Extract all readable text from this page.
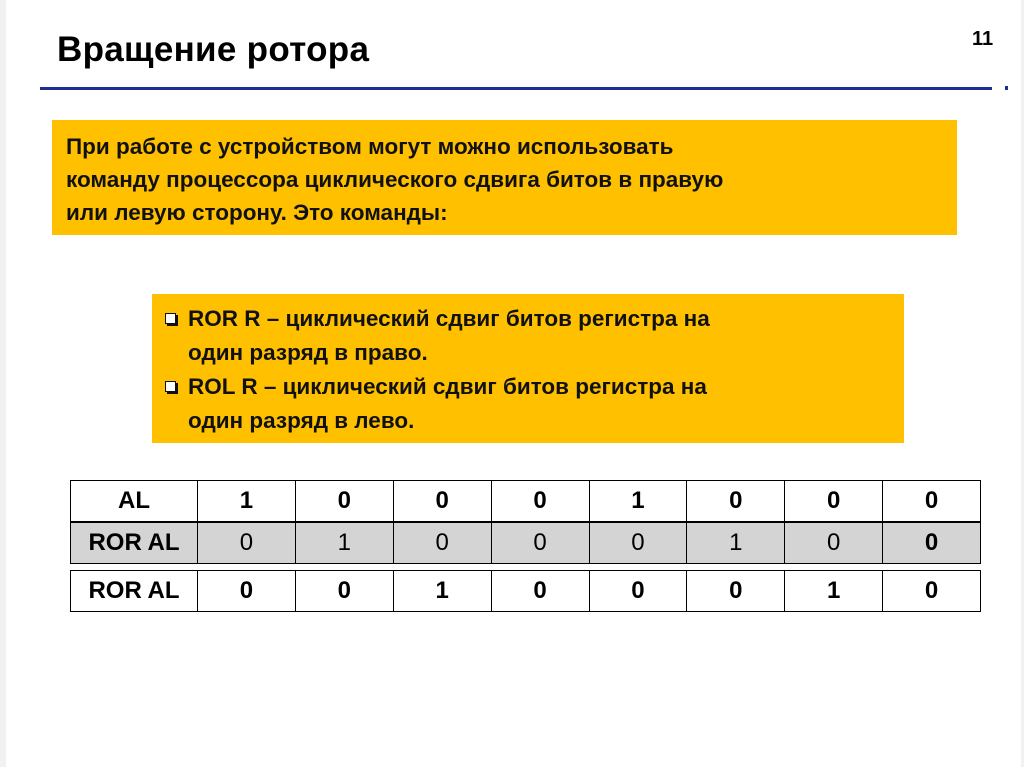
Вращение ротора	11
При работе с устройством могут можно использовать
команду процессора циклического сдвига битов в правую
или левую сторону. Это команды:
ROR R – циклический сдвиг битов регистра на
один разряд в право.
ROL R – циклический сдвиг битов регистра на
один разряд в лево.
AL	1	0	0	0	1	0	0	0
ROR AL	0	1	0	0	0	1	0	0

ROR AL	0	0	1	0	0	0	1	0
